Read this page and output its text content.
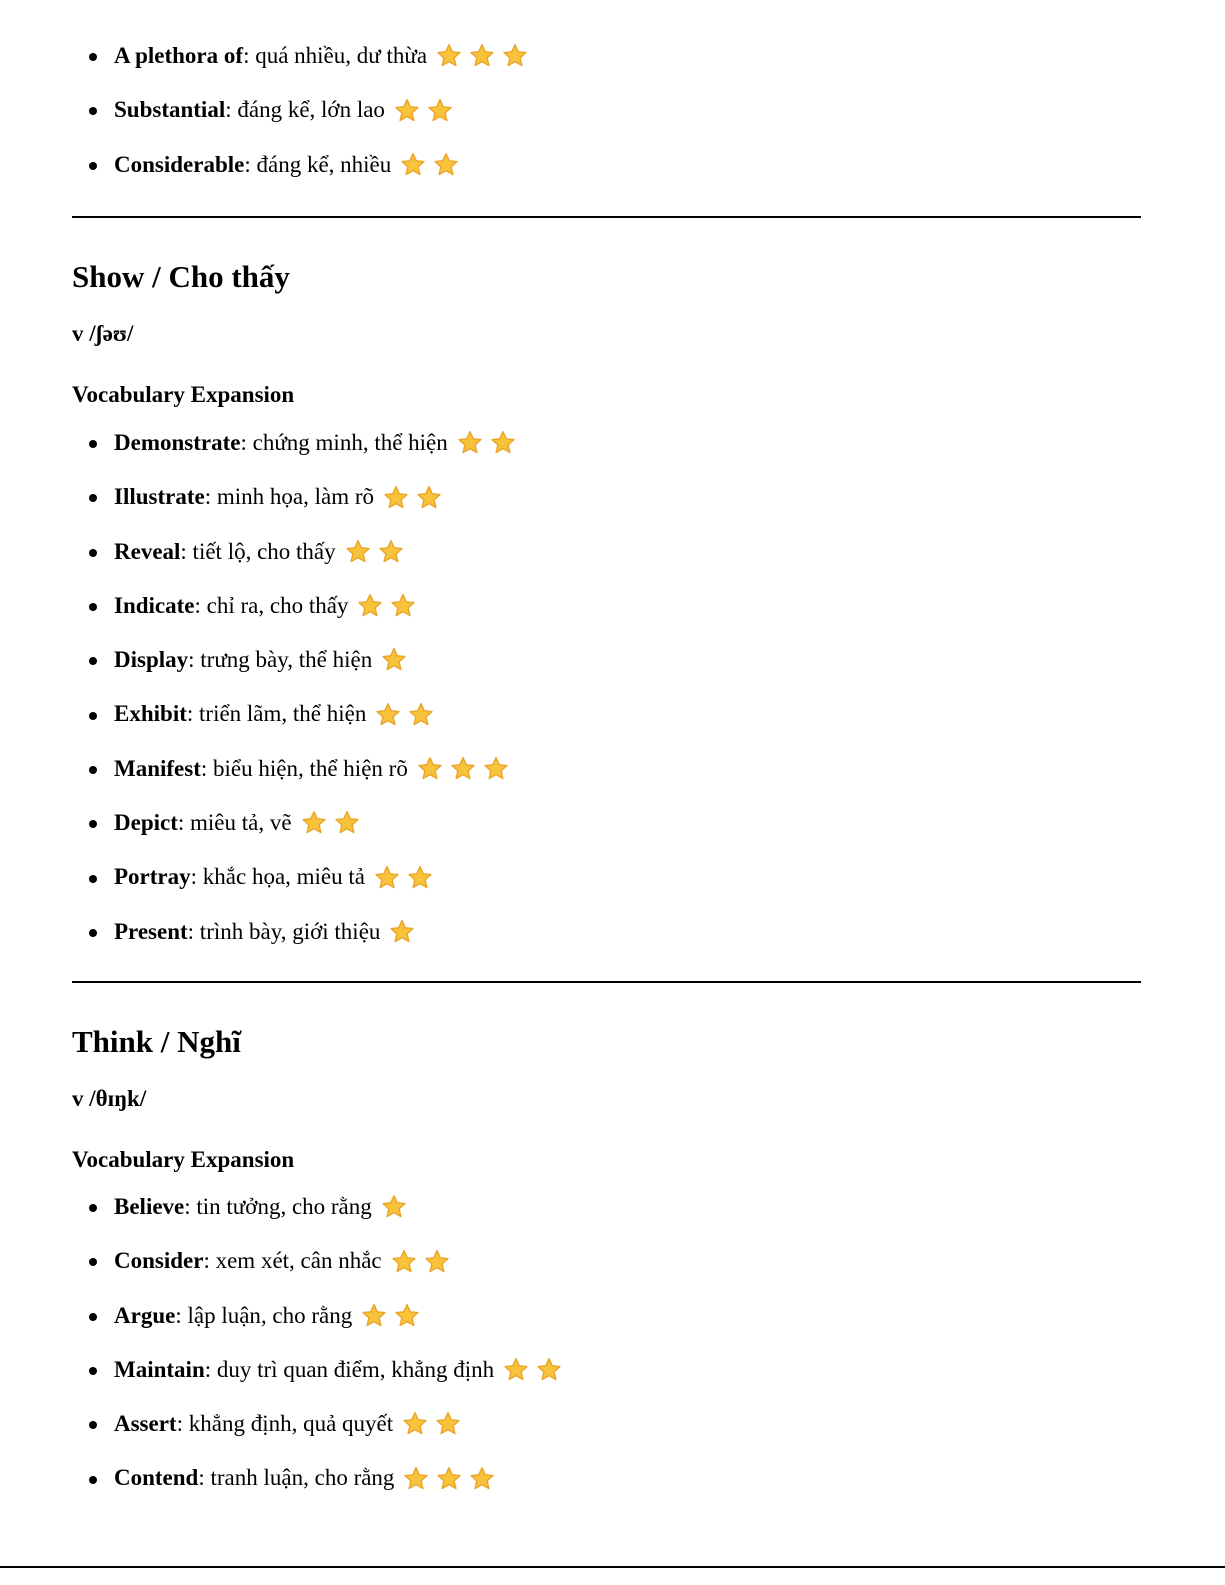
A plethora of: quá nhiều, dư thừa
Substantial: đáng kể, lớn lao
Considerable: đáng kể, nhiều
Show / Cho thấy
v /ʃəʊ/
Vocabulary Expansion
Demonstrate: chứng minh, thể hiện
Illustrate: minh họa, làm rõ
Reveal: tiết lộ, cho thấy
Indicate: chỉ ra, cho thấy
Display: trưng bày, thể hiện
Exhibit: triển lãm, thể hiện
Manifest: biểu hiện, thể hiện rõ
Depict: miêu tả, vẽ
Portray: khắc họa, miêu tả
Present: trình bày, giới thiệu
Think / Nghĩ
v /θɪŋk/
Vocabulary Expansion
Believe: tin tưởng, cho rằng
Consider: xem xét, cân nhắc
Argue: lập luận, cho rằng
Maintain: duy trì quan điểm, khẳng định
Assert: khẳng định, quả quyết
Contend: tranh luận, cho rằng
